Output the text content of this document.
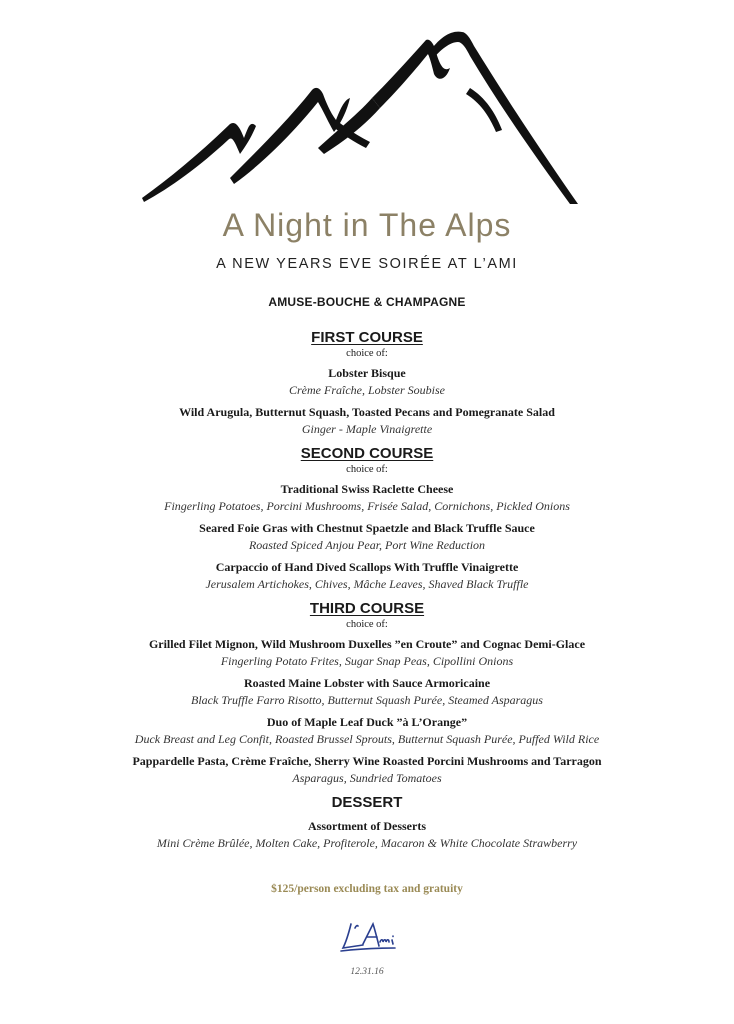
A Night in The Alps
A NEW YEARS EVE SOIRÉE AT L’AMI
AMUSE-BOUCHE & CHAMPAGNE
FIRST COURSE
choice of:
Lobster Bisque
Crème Fraîche, Lobster Soubise
Wild Arugula, Butternut Squash, Toasted Pecans and Pomegranate Salad
Ginger - Maple Vinaigrette
SECOND COURSE
choice of:
Traditional Swiss Raclette Cheese
Fingerling Potatoes, Porcini Mushrooms, Frisée Salad, Cornichons, Pickled Onions
Seared Foie Gras with Chestnut Spaetzle and Black Truffle Sauce
Roasted Spiced Anjou Pear, Port Wine Reduction
Carpaccio of Hand Dived Scallops With Truffle Vinaigrette
Jerusalem Artichokes, Chives, Mâche Leaves, Shaved Black Truffle
THIRD COURSE
choice of:
Grilled Filet Mignon, Wild Mushroom Duxelles ”en Croute” and Cognac Demi-Glace
Fingerling Potato Frites, Sugar Snap Peas, Cipollini Onions
Roasted Maine Lobster with Sauce Armoricaine
Black Truffle Farro Risotto, Butternut Squash Purée, Steamed Asparagus
Duo of Maple Leaf Duck ”à L’Orange”
Duck Breast and Leg Confit, Roasted Brussel Sprouts, Butternut Squash Purée, Puffed Wild Rice
Pappardelle Pasta, Crème Fraîche, Sherry Wine Roasted Porcini Mushrooms and Tarragon
Asparagus, Sundried Tomatoes
DESSERT
Assortment of Desserts
Mini Crème Brûlée, Molten Cake, Profiterole, Macaron & White Chocolate Strawberry
$125/person excluding tax and gratuity
12.31.16
